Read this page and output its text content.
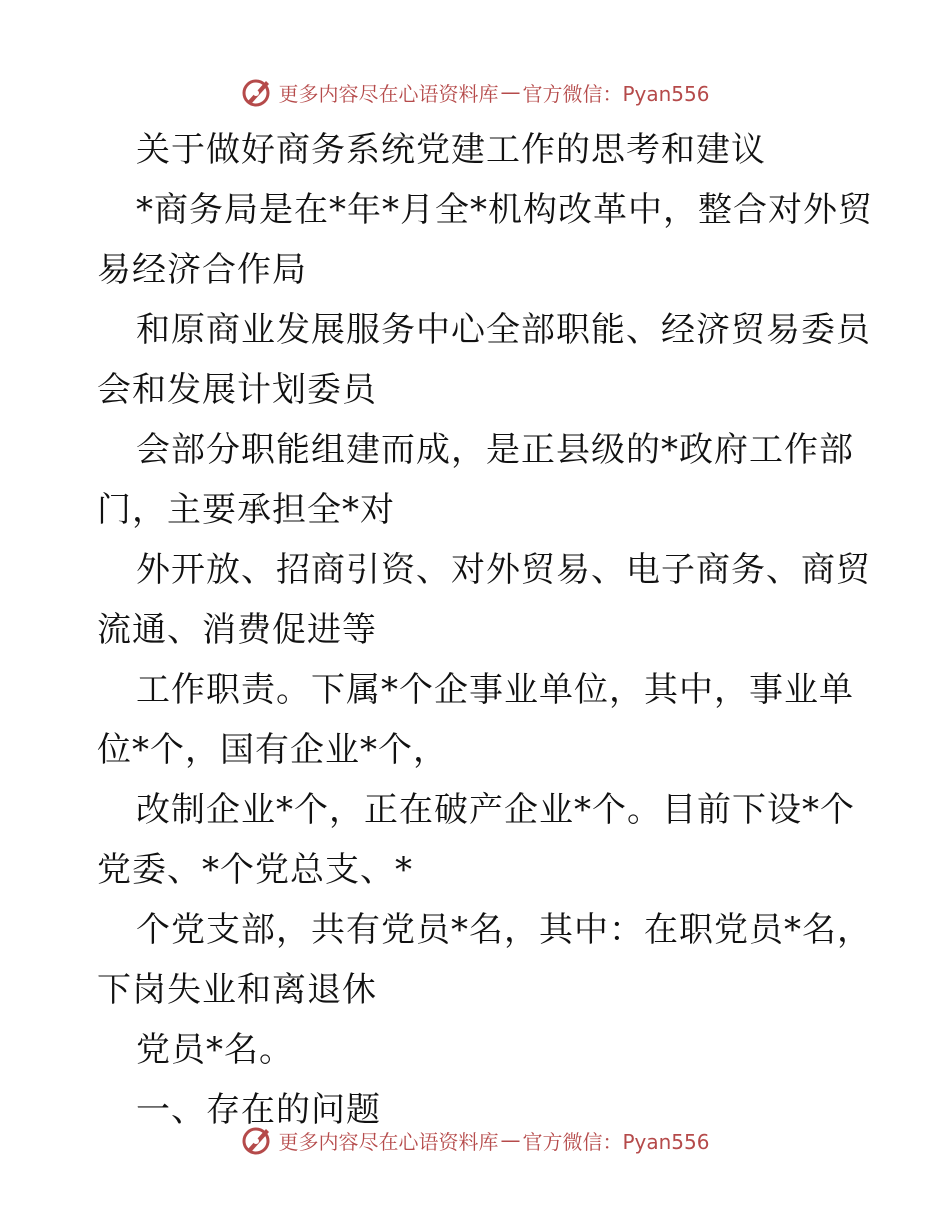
更多内容尽在心语资料库 — 官方微信：Pyan556
关于做好商务系统党建工作的思考和建议
*商务局是在*年*月全*机构改革中，整合对外贸
易经济合作局
和原商业发展服务中心全部职能、经济贸易委员
会和发展计划委员
会部分职能组建而成，是正县级的*政府工作部
门，主要承担全*对
外开放、招商引资、对外贸易、电子商务、商贸
流通、消费促进等
工作职责。下属*个企事业单位，其中，事业单
位*个，国有企业*个，
改制企业*个，正在破产企业*个。目前下设*个
党委、*个党总支、*
个党支部，共有党员*名，其中：在职党员*名，
下岗失业和离退休
党员*名。
一、存在的问题
更多内容尽在心语资料库 — 官方微信：Pyan556
